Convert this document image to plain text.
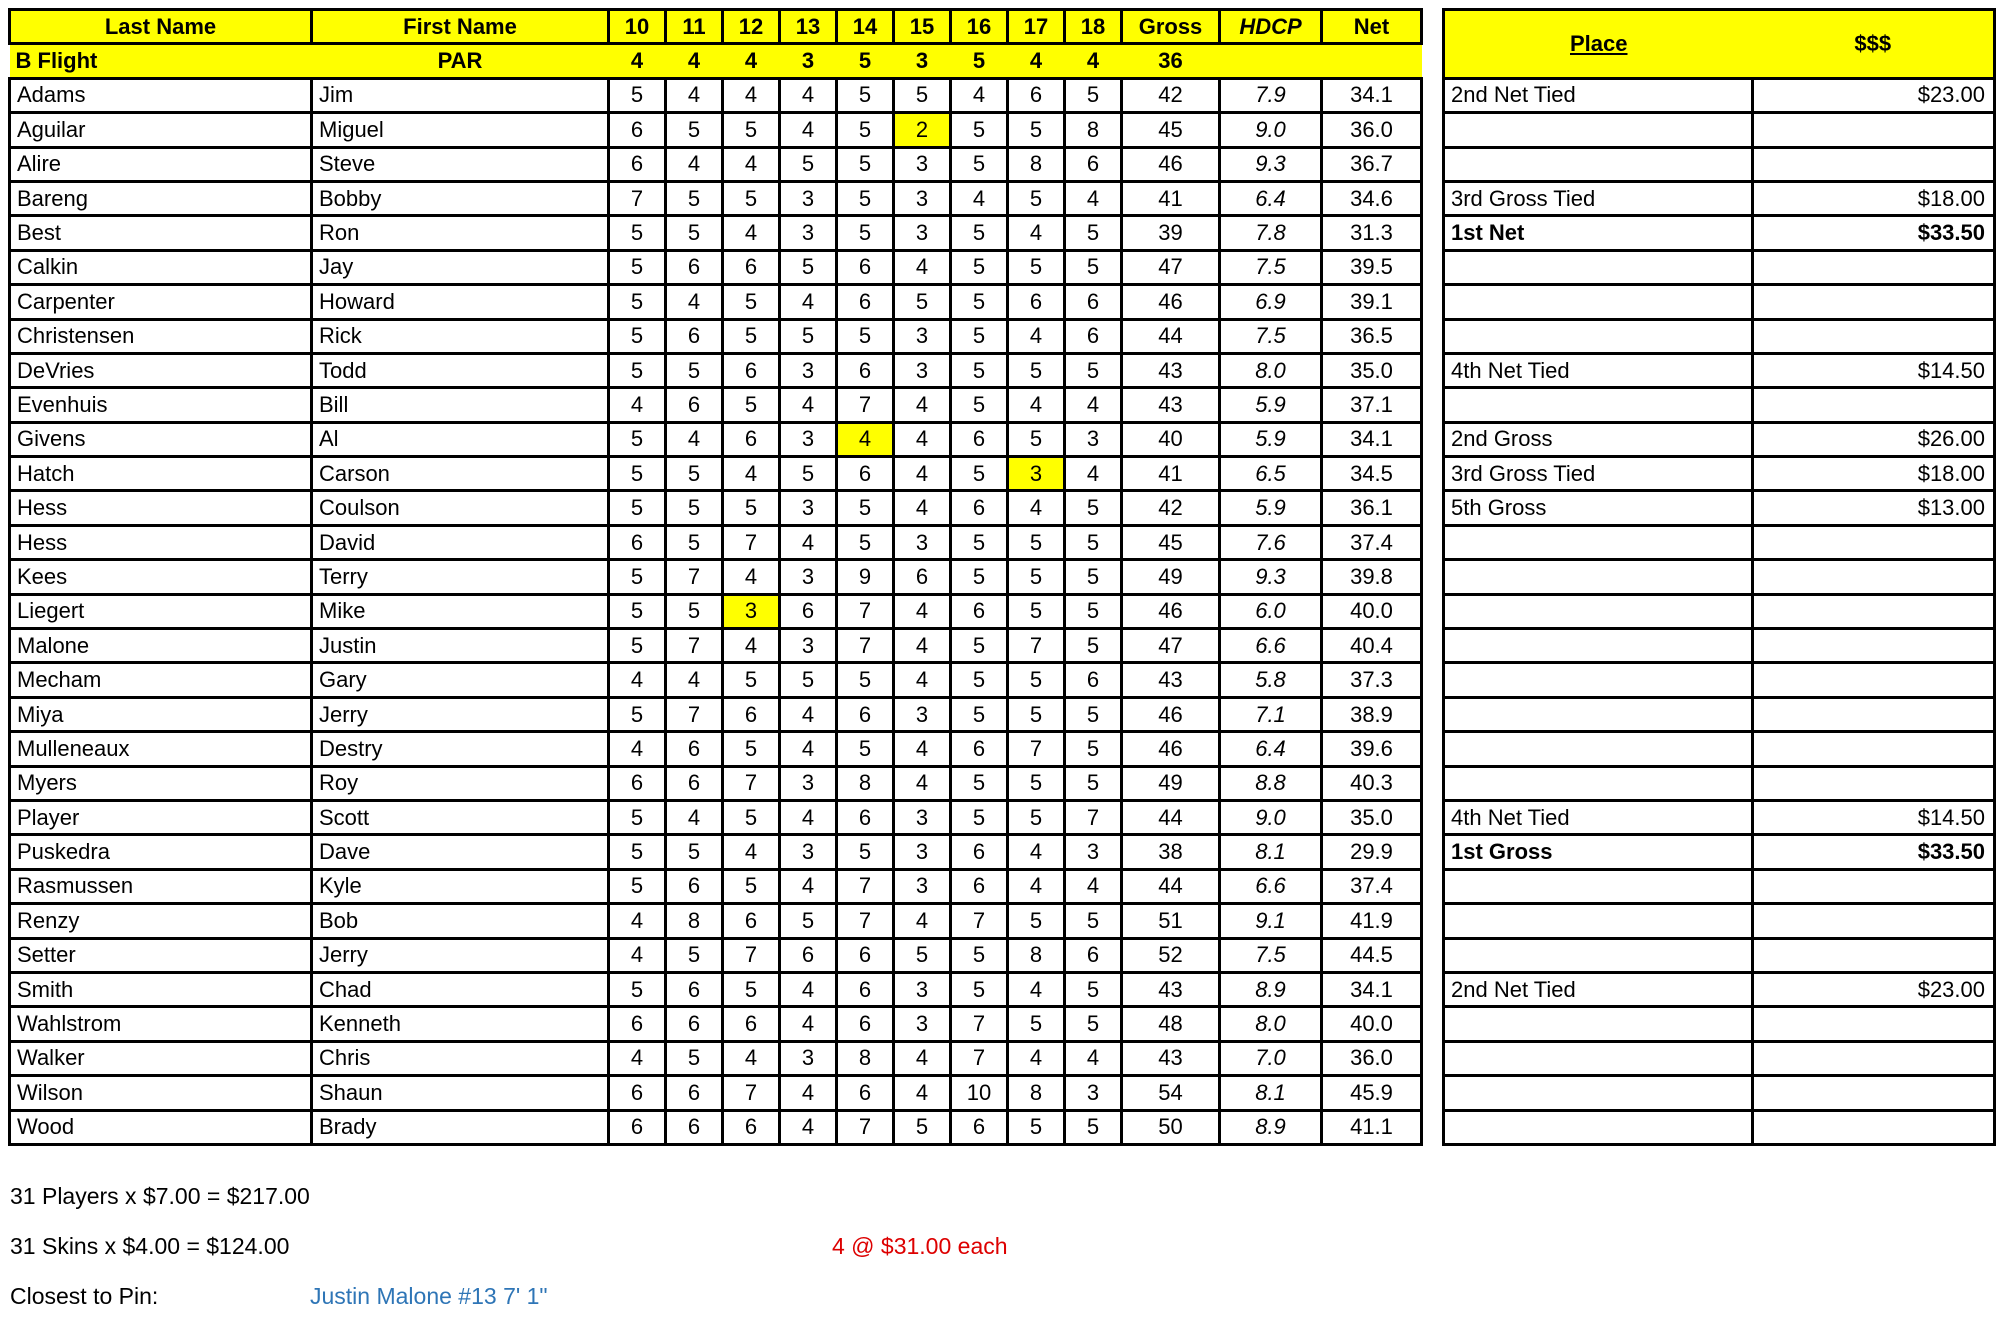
Last Name	First Name	10	11	12	13	14	15	16	17	18	Gross	HDCP	Net
B Flight	PAR	4	4	4	3	5	3	5	4	4	36		
Adams	Jim	5	4	4	4	5	5	4	6	5	42	7.9	34.1
Aguilar	Miguel	6	5	5	4	5	2	5	5	8	45	9.0	36.0
Alire	Steve	6	4	4	5	5	3	5	8	6	46	9.3	36.7
Bareng	Bobby	7	5	5	3	5	3	4	5	4	41	6.4	34.6
Best	Ron	5	5	4	3	5	3	5	4	5	39	7.8	31.3
Calkin	Jay	5	6	6	5	6	4	5	5	5	47	7.5	39.5
Carpenter	Howard	5	4	5	4	6	5	5	6	6	46	6.9	39.1
Christensen	Rick	5	6	5	5	5	3	5	4	6	44	7.5	36.5
DeVries	Todd	5	5	6	3	6	3	5	5	5	43	8.0	35.0
Evenhuis	Bill	4	6	5	4	7	4	5	4	4	43	5.9	37.1
Givens	Al	5	4	6	3	4	4	6	5	3	40	5.9	34.1
Hatch	Carson	5	5	4	5	6	4	5	3	4	41	6.5	34.5
Hess	Coulson	5	5	5	3	5	4	6	4	5	42	5.9	36.1
Hess	David	6	5	7	4	5	3	5	5	5	45	7.6	37.4
Kees	Terry	5	7	4	3	9	6	5	5	5	49	9.3	39.8
Liegert	Mike	5	5	3	6	7	4	6	5	5	46	6.0	40.0
Malone	Justin	5	7	4	3	7	4	5	7	5	47	6.6	40.4
Mecham	Gary	4	4	5	5	5	4	5	5	6	43	5.8	37.3
Miya	Jerry	5	7	6	4	6	3	5	5	5	46	7.1	38.9
Mulleneaux	Destry	4	6	5	4	5	4	6	7	5	46	6.4	39.6
Myers	Roy	6	6	7	3	8	4	5	5	5	49	8.8	40.3
Player	Scott	5	4	5	4	6	3	5	5	7	44	9.0	35.0
Puskedra	Dave	5	5	4	3	5	3	6	4	3	38	8.1	29.9
Rasmussen	Kyle	5	6	5	4	7	3	6	4	4	44	6.6	37.4
Renzy	Bob	4	8	6	5	7	4	7	5	5	51	9.1	41.9
Setter	Jerry	4	5	7	6	6	5	5	8	6	52	7.5	44.5
Smith	Chad	5	6	5	4	6	3	5	4	5	43	8.9	34.1
Wahlstrom	Kenneth	6	6	6	4	6	3	7	5	5	48	8.0	40.0
Walker	Chris	4	5	4	3	8	4	7	4	4	43	7.0	36.0
Wilson	Shaun	6	6	7	4	6	4	10	8	3	54	8.1	45.9
Wood	Brady	6	6	6	4	7	5	6	5	5	50	8.9	41.1
Place	$$$
2nd Net Tied	$23.00

3rd Gross Tied	$18.00
1st Net	$33.50

4th Net Tied	$14.50

2nd Gross	$26.00
3rd Gross Tied	$18.00
5th Gross	$13.00

4th Net Tied	$14.50
1st Gross	$33.50

2nd Net Tied	$23.00

31 Players x $7.00 = $217.00
31 Skins x $4.00 = $124.00	4 @ $31.00 each
Closest to Pin:	Justin Malone #13 7' 1"
